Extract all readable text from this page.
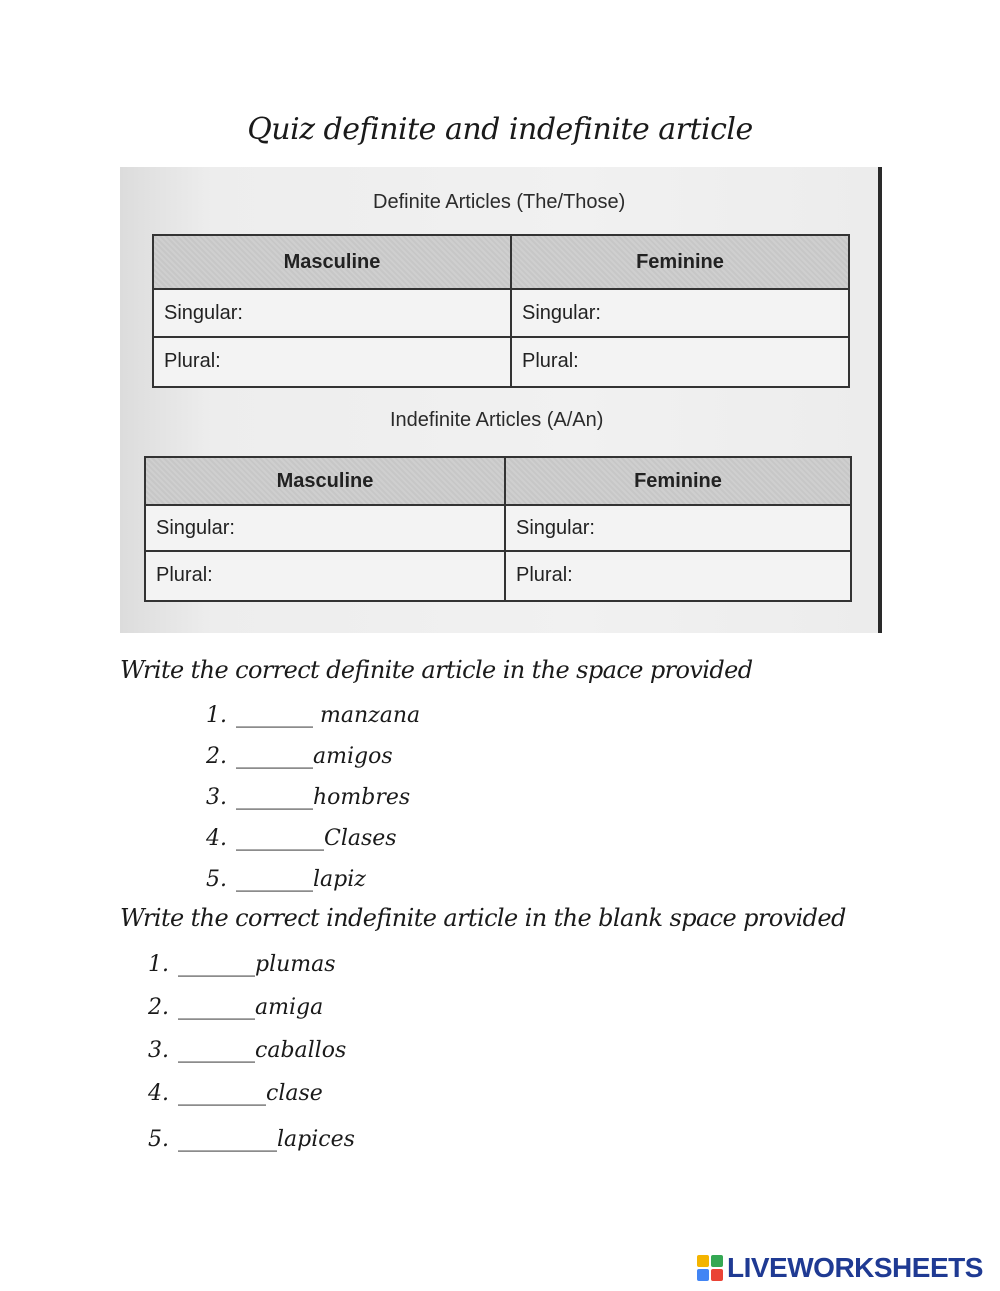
Quiz definite and indefinite article
Definite Articles (The/Those)
Masculine	Feminine
Singular:	Singular:
Plural:	Plural:
Indefinite Articles (A/An)
Masculine	Feminine
Singular:	Singular:
Plural:	Plural:
Write the correct definite article in the space provided
1. _______ manzana
2. _______amigos
3. _______hombres
4. ________Clases
5. _______lapiz
Write the correct indefinite article in the blank space provided
1. _______plumas
2. _______amiga
3. _______caballos
4. ________clase
5. _________lapices
LIVEWORKSHEETS
